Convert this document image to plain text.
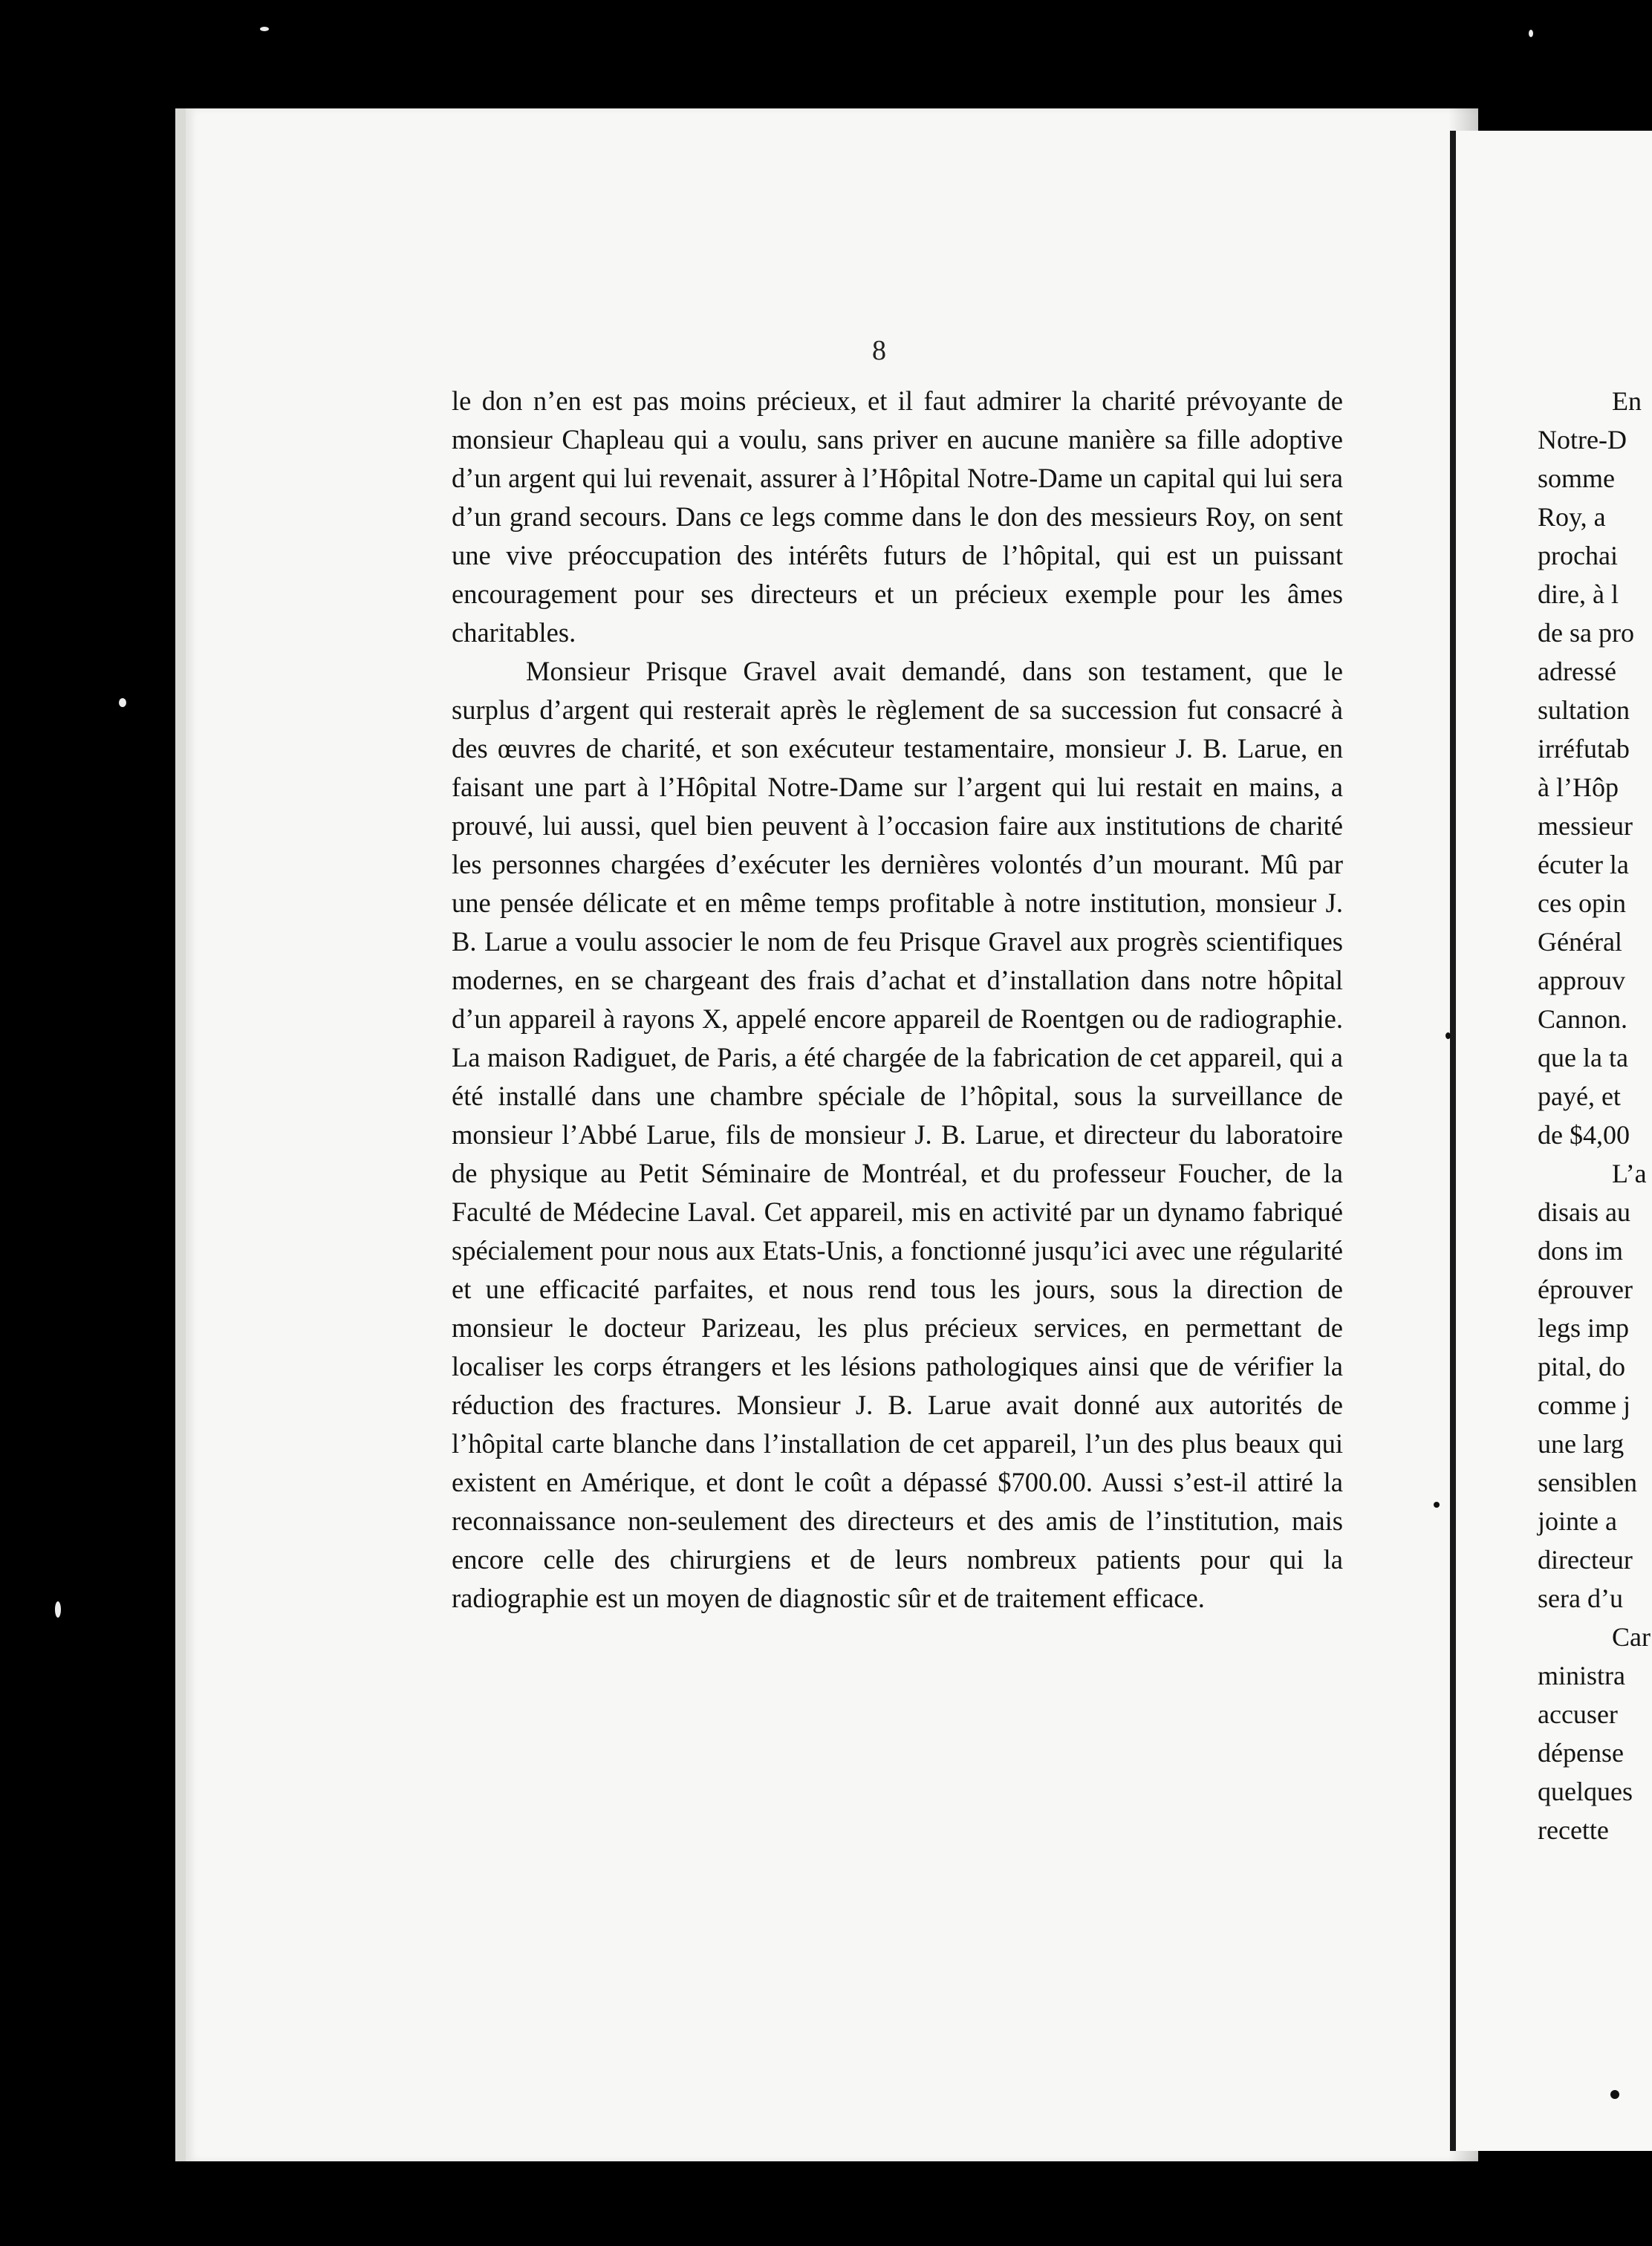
8

le don n’en est pas moins précieux, et il faut admirer la charité prévoyante de monsieur Chapleau qui a voulu, sans priver en aucune manière sa fille adoptive d’un argent qui lui revenait, assurer à l’Hôpital Notre-Dame un capital qui lui sera d’un grand secours. Dans ce legs comme dans le don des messieurs Roy, on sent une vive préoccupation des intérêts futurs de l’hôpital, qui est un puissant encouragement pour ses directeurs et un précieux exemple pour les âmes charitables.

Monsieur Prisque Gravel avait demandé, dans son testament, que le surplus d’argent qui resterait après le règlement de sa succession fut consacré à des œuvres de charité, et son exécuteur testamentaire, monsieur J. B. Larue, en faisant une part à l’Hôpital Notre-Dame sur l’argent qui lui restait en mains, a prouvé, lui aussi, quel bien peuvent à l’occasion faire aux institutions de charité les personnes chargées d’exécuter les dernières volontés d’un mourant. Mû par une pensée délicate et en même temps profitable à notre institution, monsieur J. B. Larue a voulu associer le nom de feu Prisque Gravel aux progrès scientifiques modernes, en se chargeant des frais d’achat et d’installation dans notre hôpital d’un appareil à rayons X, appelé encore appareil de Roentgen ou de radiographie. La maison Radiguet, de Paris, a été chargée de la fabrication de cet appareil, qui a été installé dans une chambre spéciale de l’hôpital, sous la surveillance de monsieur l’Abbé Larue, fils de monsieur J. B. Larue, et directeur du laboratoire de physique au Petit Séminaire de Montréal, et du professeur Foucher, de la Faculté de Médecine Laval. Cet appareil, mis en activité par un dynamo fabriqué spécialement pour nous aux Etats-Unis, a fonctionné jusqu’ici avec une régularité et une efficacité parfaites, et nous rend tous les jours, sous la direction de monsieur le docteur Parizeau, les plus précieux services, en permettant de localiser les corps étrangers et les lésions pathologiques ainsi que de vérifier la réduction des fractures. Monsieur J. B. Larue avait donné aux autorités de l’hôpital carte blanche dans l’installation de cet appareil, l’un des plus beaux qui existent en Amérique, et dont le coût a dépassé $700.00. Aussi s’est-il attiré la reconnaissance non-seulement des directeurs et des amis de l’institution, mais encore celle des chirurgiens et de leurs nombreux patients pour qui la radiographie est un moyen de diagnostic sûr et de traitement efficace.

En
Notre-D
somme
Roy, a
prochai
dire, à l
de sa pro
adressé
sultation
irréfutab
à l’Hôp
messieur
écuter la
ces opin
Général
approuv
Cannon.
que la ta
payé, et
de $4,00
L’a
disais au
dons im
éprouver
legs imp
pital, do
comme j
une larg
sensiblen
jointe a
directeur
sera d’u
Car
ministra
accuser
dépense
quelques
recette
